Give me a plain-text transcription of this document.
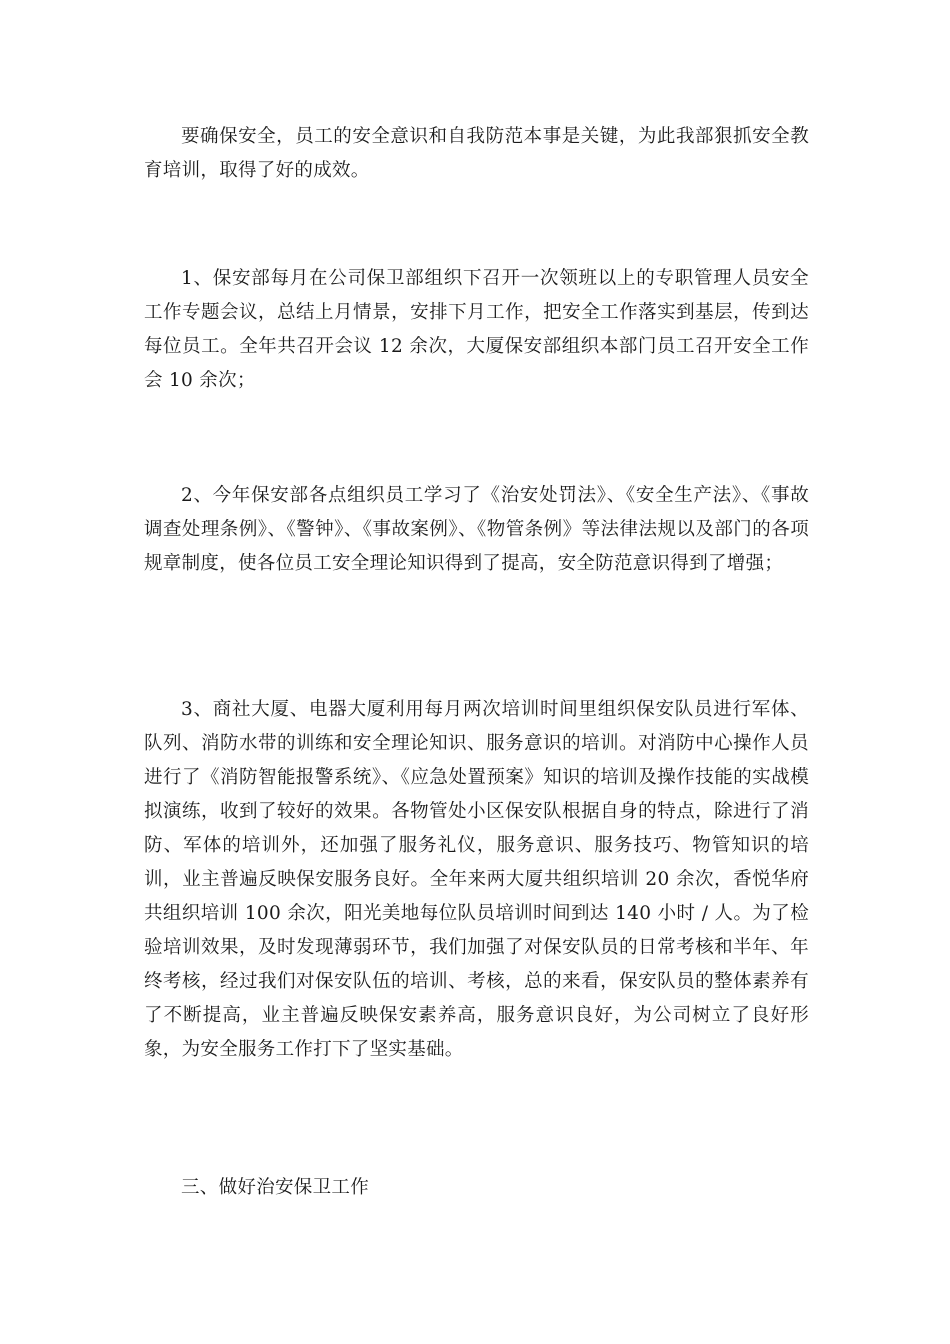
要确保安全，员工的安全意识和自我防范本事是关键，为此我部狠抓安全教育培训，取得了好的成效。

1、保安部每月在公司保卫部组织下召开一次领班以上的专职管理人员安全工作专题会议，总结上月情景，安排下月工作，把安全工作落实到基层，传到达每位员工。全年共召开会议 12 余次，大厦保安部组织本部门员工召开安全工作会 10 余次；

2、今年保安部各点组织员工学习了《治安处罚法》、《安全生产法》、《事故调查处理条例》、《警钟》、《事故案例》、《物管条例》等法律法规以及部门的各项规章制度，使各位员工安全理论知识得到了提高，安全防范意识得到了增强；

3、商社大厦、电器大厦利用每月两次培训时间里组织保安队员进行军体、队列、消防水带的训练和安全理论知识、服务意识的培训。对消防中心操作人员进行了《消防智能报警系统》、《应急处置预案》知识的培训及操作技能的实战模拟演练，收到了较好的效果。各物管处小区保安队根据自身的特点，除进行了消防、军体的培训外，还加强了服务礼仪，服务意识、服务技巧、物管知识的培训，业主普遍反映保安服务良好。全年来两大厦共组织培训 20 余次，香悦华府共组织培训 100 余次，阳光美地每位队员培训时间到达 140 小时 / 人。为了检验培训效果，及时发现薄弱环节，我们加强了对保安队员的日常考核和半年、年终考核，经过我们对保安队伍的培训、考核，总的来看，保安队员的整体素养有了不断提高，业主普遍反映保安素养高，服务意识良好，为公司树立了良好形象，为安全服务工作打下了坚实基础。

三、做好治安保卫工作
